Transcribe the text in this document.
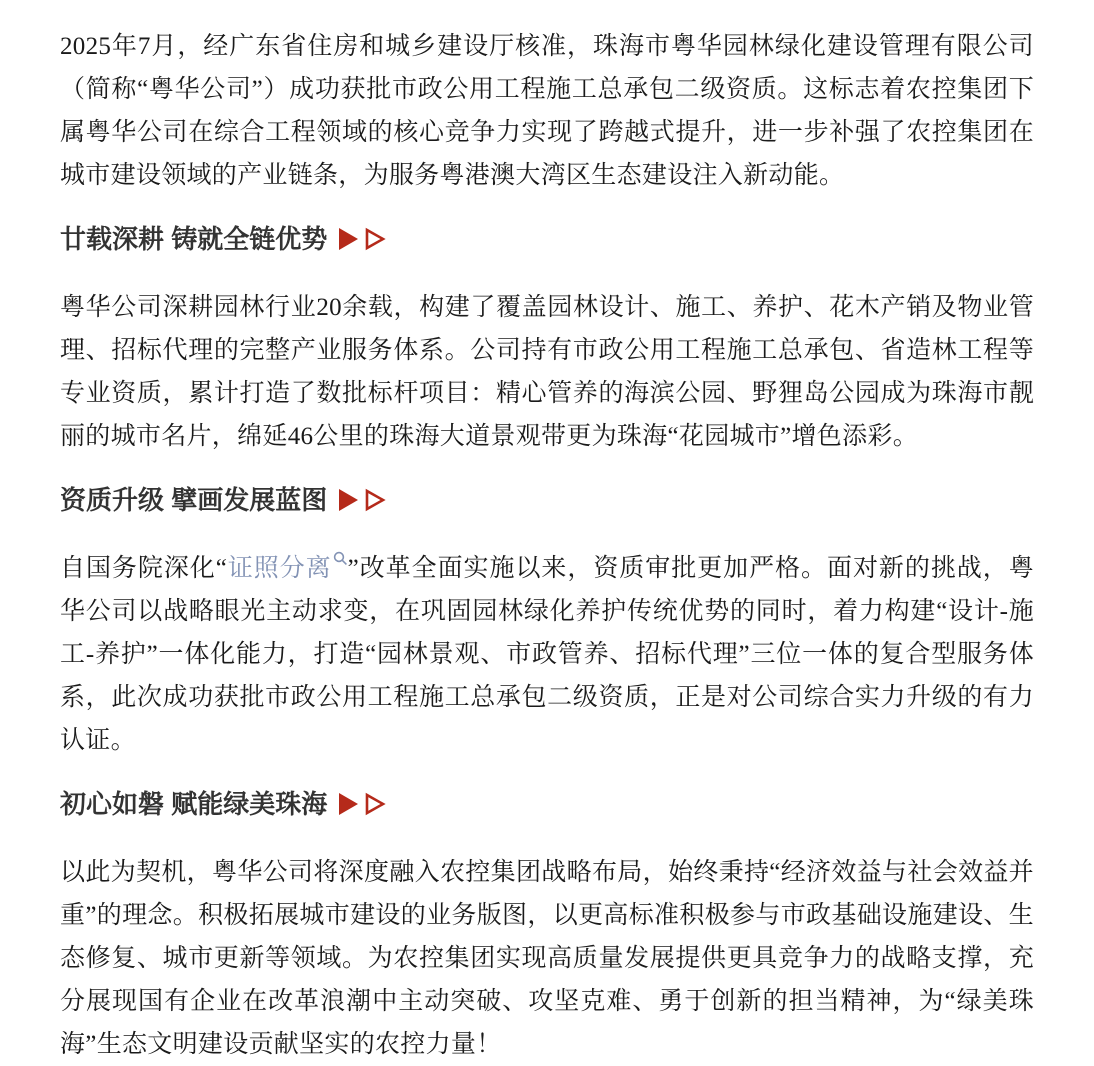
2025年7月，经广东省住房和城乡建设厅核准，珠海市粤华园林绿化建设管理有限公司（简称“粤华公司”）成功获批市政公用工程施工总承包二级资质。这标志着农控集团下属粤华公司在综合工程领域的核心竞争力实现了跨越式提升，进一步补强了农控集团在城市建设领域的产业链条，为服务粤港澳大湾区生态建设注入新动能。

廿载深耕 铸就全链优势

粤华公司深耕园林行业20余载，构建了覆盖园林设计、施工、养护、花木产销及物业管理、招标代理的完整产业服务体系。公司持有市政公用工程施工总承包、省造林工程等专业资质，累计打造了数批标杆项目：精心管养的海滨公园、野狸岛公园成为珠海市靓丽的城市名片，绵延46公里的珠海大道景观带更为珠海“花园城市”增色添彩。

资质升级 擘画发展蓝图

自国务院深化“证照分离 ”改革全面实施以来，资质审批更加严格。面对新的挑战，粤华公司以战略眼光主动求变，在巩固园林绿化养护传统优势的同时，着力构建“设计-施工-养护”一体化能力，打造“园林景观、市政管养、招标代理”三位一体的复合型服务体系，此次成功获批市政公用工程施工总承包二级资质，正是对公司综合实力升级的有力认证。

初心如磐 赋能绿美珠海

以此为契机，粤华公司将深度融入农控集团战略布局，始终秉持“经济效益与社会效益并重”的理念。积极拓展城市建设的业务版图，以更高标准积极参与市政基础设施建设、生态修复、城市更新等领域。为农控集团实现高质量发展提供更具竞争力的战略支撑，充分展现国有企业在改革浪潮中主动突破、攻坚克难、勇于创新的担当精神，为“绿美珠海”生态文明建设贡献坚实的农控力量！
